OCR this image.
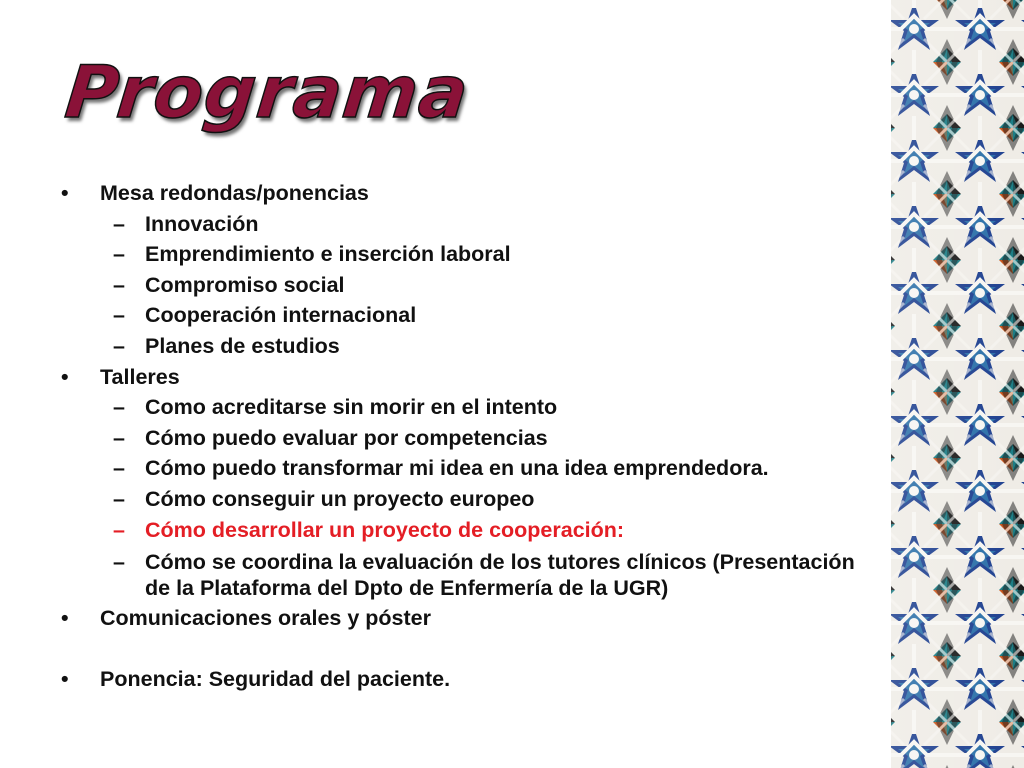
Programa
• Mesa redondas/ponencias
– Innovación
– Emprendimiento e inserción laboral
– Compromiso social
– Cooperación internacional
– Planes de estudios
• Talleres
– Como acreditarse sin morir en el intento
– Cómo puedo evaluar por competencias
– Cómo puedo transformar mi idea en una idea emprendedora.
– Cómo conseguir un proyecto europeo
– Cómo desarrollar un proyecto de cooperación:
– Cómo se coordina la evaluación de los tutores clínicos (Presentación de la Plataforma del Dpto de Enfermería de la UGR)
• Comunicaciones orales y póster
• Ponencia: Seguridad del paciente.
